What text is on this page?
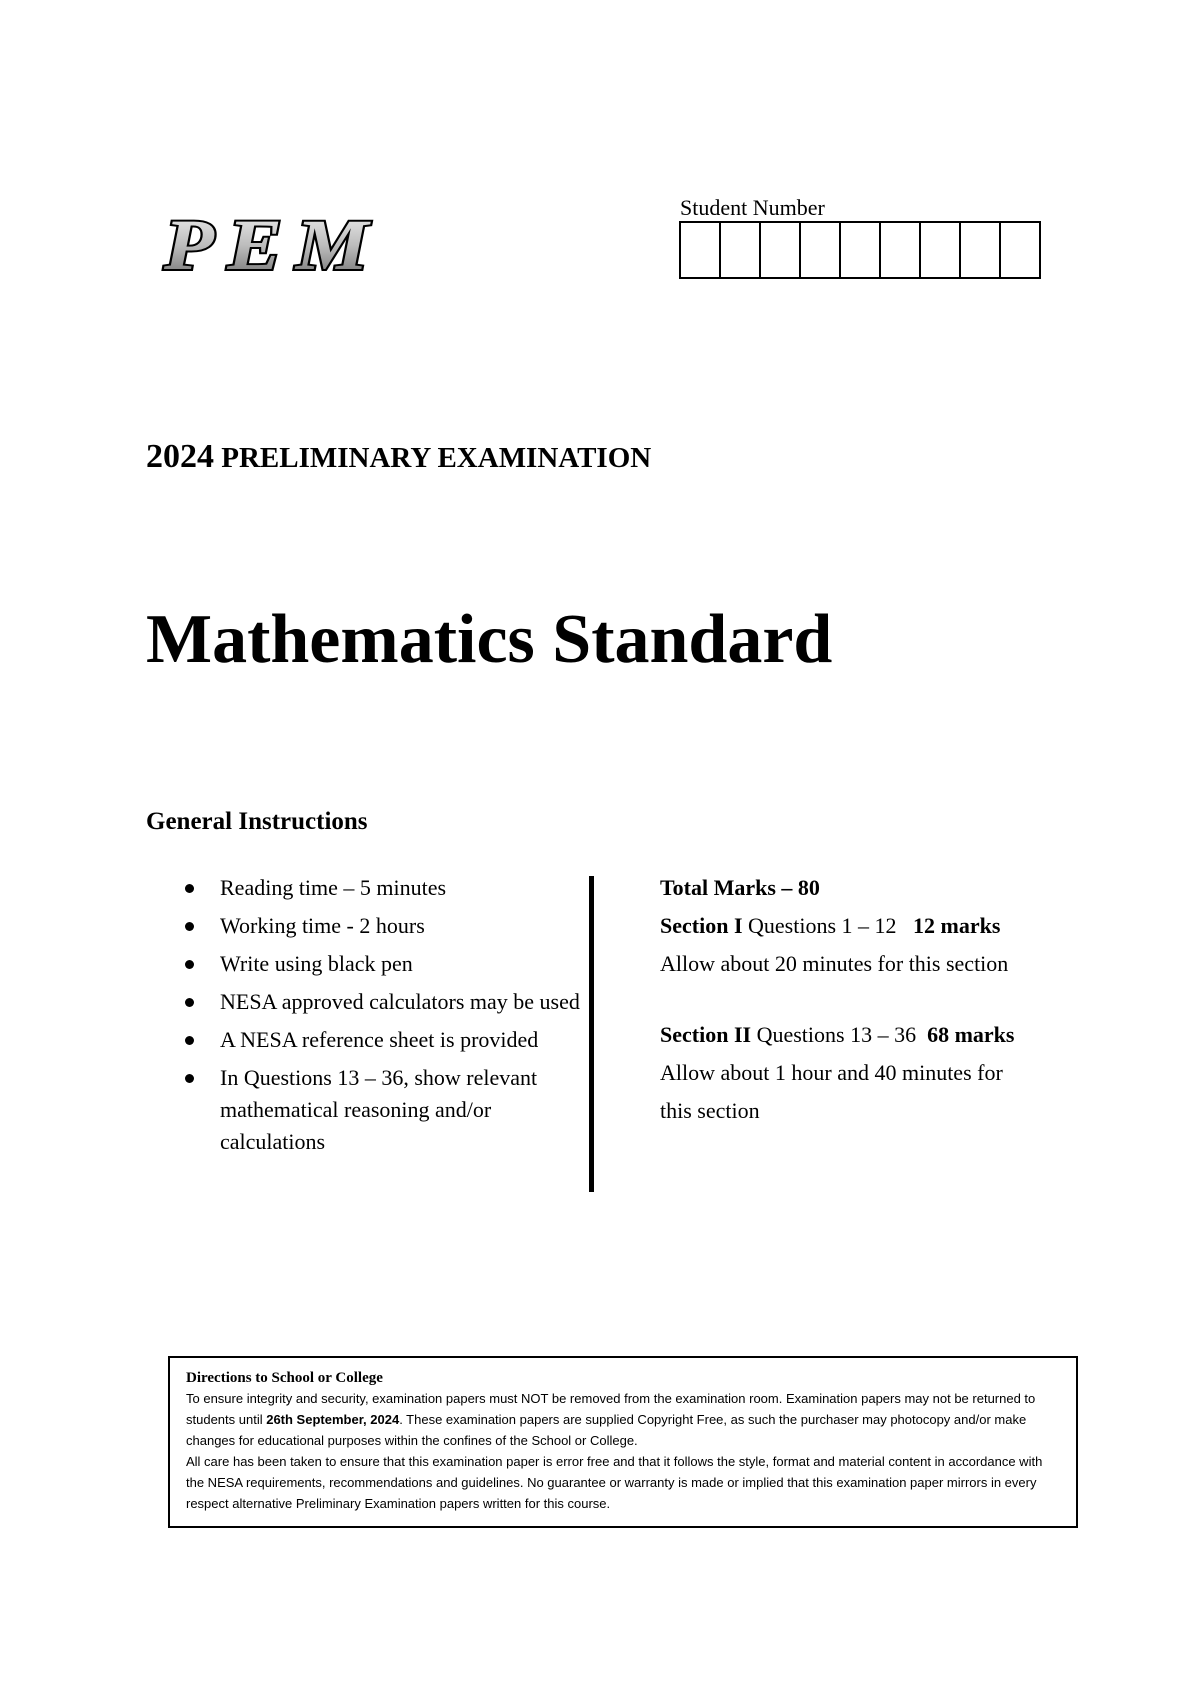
PEM	Student Number
2024 PRELIMINARY EXAMINATION
Mathematics Standard
General Instructions
Reading time – 5 minutes
Working time - 2 hours
Write using black pen
NESA approved calculators may be used
A NESA reference sheet is provided
In Questions 13 – 36, show relevant mathematical reasoning and/or calculations

Total Marks – 80

Section I Questions 1 – 12 12 marks

Allow about 20 minutes for this section

Section II Questions 13 – 36 68 marks

Allow about 1 hour and 40 minutes for

this section

Directions to School or College

To ensure integrity and security, examination papers must NOT be removed from the examination room. Examination papers may not be returned to students until 26th September, 2024. These examination papers are supplied Copyright Free, as such the purchaser may photocopy and/or make changes for educational purposes within the confines of the School or College.

All care has been taken to ensure that this examination paper is error free and that it follows the style, format and material content in accordance with the NESA requirements, recommendations and guidelines. No guarantee or warranty is made or implied that this examination paper mirrors in every respect alternative Preliminary Examination papers written for this course.
